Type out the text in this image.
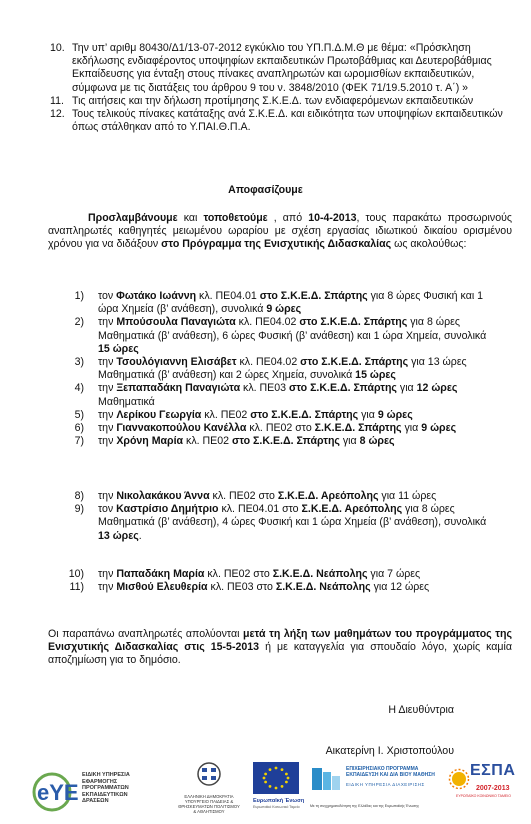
10. Την υπ’ αριθμ 80430/Δ1/13-07-2012 εγκύκλιο του ΥΠ.Π.Δ.Μ.Θ με θέμα: «Πρόσκληση εκδήλωσης ενδιαφέροντος υποψηφίων εκπαιδευτικών Πρωτοβάθμιας και Δευτεροβάθμιας Εκπαίδευσης για ένταξη στους πίνακες αναπληρωτών και ωρομισθίων εκπαιδευτικών, σύμφωνα με τις διατάξεις του άρθρου 9 του ν. 3848/2010 (ΦΕΚ 71/19.5.2010 τ. Α΄) »
11. Τις αιτήσεις και την δήλωση προτίμησης Σ.Κ.Ε.Δ. των ενδιαφερόμενων εκπαιδευτικών
12. Τους τελικούς πίνακες κατάταξης ανά Σ.Κ.Ε.Δ. και ειδικότητα των υποψηφίων εκπαιδευτικών όπως στάλθηκαν από το Υ.ΠΑΙ.Θ.Π.Α.
Αποφασίζουμε
Προσλαμβάνουμε και τοποθετούμε , από 10-4-2013, τους παρακάτω προσωρινούς αναπληρωτές καθηγητές μειωμένου ωραρίου με σχέση εργασίας ιδιωτικού δικαίου ορισμένου χρόνου για να διδάξουν στο Πρόγραμμα της Ενισχυτικής Διδασκαλίας ως ακολούθως:
1)	τον Φωτάκο Ιωάννη κλ. ΠΕ04.01 στο Σ.Κ.Ε.Δ. Σπάρτης για 8 ώρες Φυσική και 1 ώρα Χημεία (β’ ανάθεση), συνολικά 9 ώρες
2)	την Μπούσουλα Παναγιώτα κλ. ΠΕ04.02 στο Σ.Κ.Ε.Δ. Σπάρτης για 8 ώρες Μαθηματικά (β’ ανάθεση), 6 ώρες Φυσική (β’ ανάθεση) και 1 ώρα Χημεία, συνολικά 15 ώρες
3)	την Τσουλόγιαννη Ελισάβετ κλ. ΠΕ04.02 στο Σ.Κ.Ε.Δ. Σπάρτης για 13 ώρες Μαθηματικά (β’ ανάθεση) και 2 ώρες Χημεία, συνολικά 15 ώρες
4)	την Ξεπαπαδάκη Παναγιώτα κλ. ΠΕ03 στο Σ.Κ.Ε.Δ. Σπάρτης για 12 ώρες Μαθηματικά
5)	την Λερίκου Γεωργία κλ. ΠΕ02 στο Σ.Κ.Ε.Δ. Σπάρτης για 9 ώρες
6)	την Γιαννακοπούλου Κανέλλα κλ. ΠΕ02 στο Σ.Κ.Ε.Δ. Σπάρτης για 9 ώρες
7)	την Χρόνη Μαρία κλ. ΠΕ02 στο Σ.Κ.Ε.Δ. Σπάρτης για 8 ώρες
8)	την Νικολακάκου Άννα κλ. ΠΕ02 στο Σ.Κ.Ε.Δ. Αρεόπολης για 11 ώρες
9)	τον Καστρίσιο Δημήτριο κλ. ΠΕ04.01 στο Σ.Κ.Ε.Δ. Αρεόπολης για 8 ώρες Μαθηματικά (β’ ανάθεση), 4 ώρες Φυσική και 1 ώρα Χημεία (β’ ανάθεση), συνολικά 13 ώρες.
10)	την Παπαδάκη Μαρία κλ. ΠΕ02 στο Σ.Κ.Ε.Δ. Νεάπολης για 7 ώρες
11)	την Μισθού Ελευθερία κλ. ΠΕ03 στο Σ.Κ.Ε.Δ. Νεάπολης για 12 ώρες
Οι παραπάνω αναπληρωτές απολύονται μετά τη λήξη των μαθημάτων του προγράμματος της Ενισχυτικής Διδασκαλίας στις 15-5-2013 ή με καταγγελία για σπουδαίο λόγο, χωρίς καμία αποζημίωση για το δημόσιο.
Η Διευθύντρια
Αικατερίνη Ι. Χριστοπούλου
eΥE
ΕΙΔΙΚΗ ΥΠΗΡΕΣΙΑ ΕΦΑΡΜΟΓΗΣ ΠΡΟΓΡΑΜΜΑΤΩΝ ΕΚΠΑΙΔΕΥΤΙΚΩΝ ΔΡΑΣΕΩΝ
ΕΛΛΗΝΙΚΗ ΔΗΜΟΚΡΑΤΙΑ ΥΠΟΥΡΓΕΙΟ ΠΑΙΔΕΙΑΣ & ΘΡΗΣΚΕΥΜΑΤΩΝ ΠΟΛΙΤΙΣΜΟΥ & ΑΘΛΗΤΙΣΜΟΥ
Ευρωπαϊκή Ένωση
Ευρωπαϊκό Κοινωνικό Ταμείο
ΕΠΙΧΕΙΡΗΣΙΑΚΟ ΠΡΟΓΡΑΜΜΑ ΕΚΠΑΙΔΕΥΣΗ ΚΑΙ ΔΙΑ ΒΙΟΥ ΜΑΘΗΣΗ
ΕΙΔΙΚΗ ΥΠΗΡΕΣΙΑ ΔΙΑΧΕΙΡΙΣΗΣ
Με τη συγχρηματοδότηση της Ελλάδας και της Ευρωπαϊκής Ένωσης
ΕΣΠΑ
2007-2013
ΕΥΡΩΠΑΪΚΟ ΚΟΙΝΩΝΙΚΟ ΤΑΜΕΙΟ
